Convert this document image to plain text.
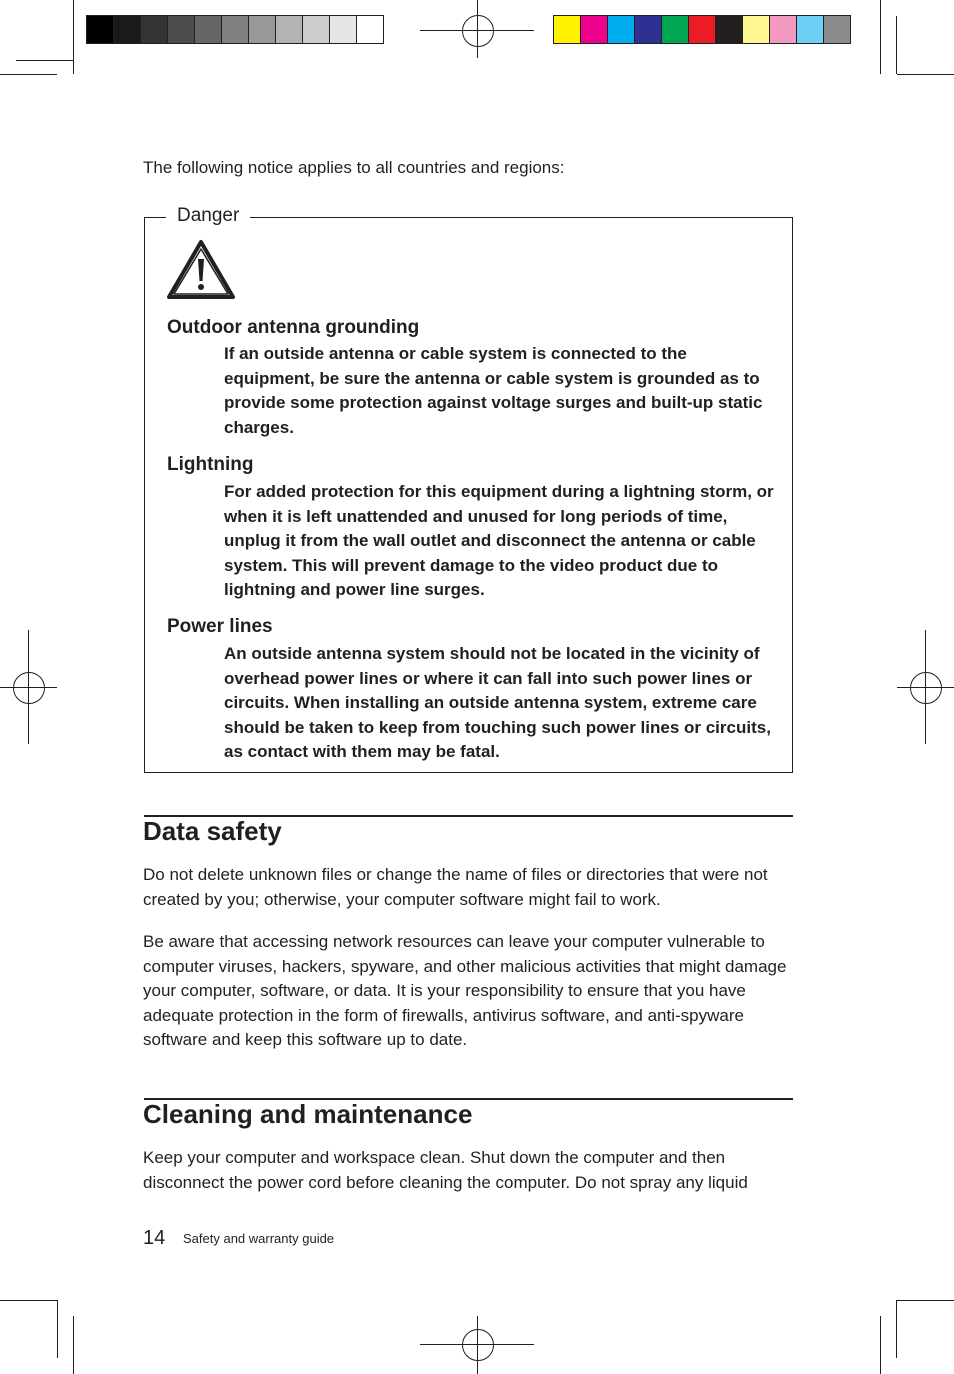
The following notice applies to all countries and regions:
Danger
Outdoor antenna grounding
If an outside antenna or cable system is connected to the equipment, be sure the antenna or cable system is grounded as to provide some protection against voltage surges and built-up static charges.
Lightning
For added protection for this equipment during a lightning storm, or when it is left unattended and unused for long periods of time, unplug it from the wall outlet and disconnect the antenna or cable system. This will prevent damage to the video product due to lightning and power line surges.
Power lines
An outside antenna system should not be located in the vicinity of overhead power lines or where it can fall into such power lines or circuits. When installing an outside antenna system, extreme care should be taken to keep from touching such power lines or circuits, as contact with them may be fatal.
Data safety
Do not delete unknown files or change the name of files or directories that were not created by you; otherwise, your computer software might fail to work.
Be aware that accessing network resources can leave your computer vulnerable to computer viruses, hackers, spyware, and other malicious activities that might damage your computer, software, or data. It is your responsibility to ensure that you have adequate protection in the form of firewalls, antivirus software, and anti-spyware software and keep this software up to date.
Cleaning and maintenance
Keep your computer and workspace clean. Shut down the computer and then disconnect the power cord before cleaning the computer. Do not spray any liquid
14 Safety and warranty guide
